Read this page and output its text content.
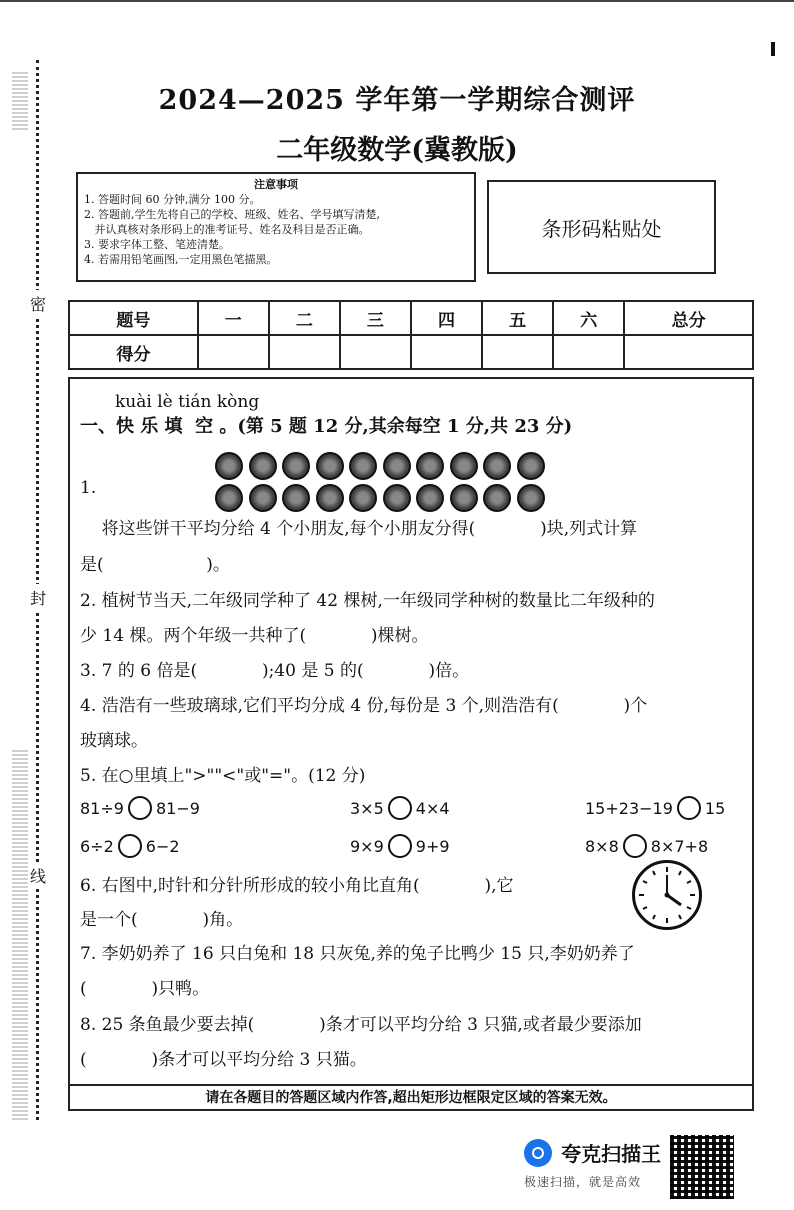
密
封
线
2024—2025 学年第一学期综合测评
二年级数学(冀教版)
注意事项
1. 答题时间 60 分钟,满分 100 分。
2. 答题前,学生先将自己的学校、班级、姓名、学号填写清楚,
并认真核对条形码上的准考证号、姓名及科目是否正确。
3. 要求字体工整、笔迹清楚。
4. 若需用铅笔画图,一定用黑色笔描黑。
条形码粘贴处
题号	一	二	三	四	五	六	总分
得分							
kuài lè tián kòng
一、快 乐 填  空 。(第 5 题 12 分,其余每空 1 分,共 23 分)
1.
将这些饼干平均分给 4 个小朋友,每个小朋友分得(            )块,列式计算
是(                   )。
2. 植树节当天,二年级同学种了 42 棵树,一年级同学种树的数量比二年级种的
少 14 棵。两个年级一共种了(            )棵树。
3. 7 的 6 倍是(            );40 是 5 的(            )倍。
4. 浩浩有一些玻璃球,它们平均分成 4 份,每份是 3 个,则浩浩有(            )个
玻璃球。
5. 在○里填上">""<"或"="。(12 分)
81÷9 81−9	3×5 4×4	15+23−19 15
6÷2 6−2	9×9 9+9	8×8 8×7+8
6. 右图中,时针和分针所形成的较小角比直角(            ),它
是一个(            )角。
7. 李奶奶养了 16 只白兔和 18 只灰兔,养的兔子比鸭少 15 只,李奶奶养了
(            )只鸭。
8. 25 条鱼最少要去掉(            )条才可以平均分给 3 只猫,或者最少要添加
(            )条才可以平均分给 3 只猫。
请在各题目的答题区域内作答,超出矩形边框限定区域的答案无效。
夸克扫描王
极速扫描，就是高效
